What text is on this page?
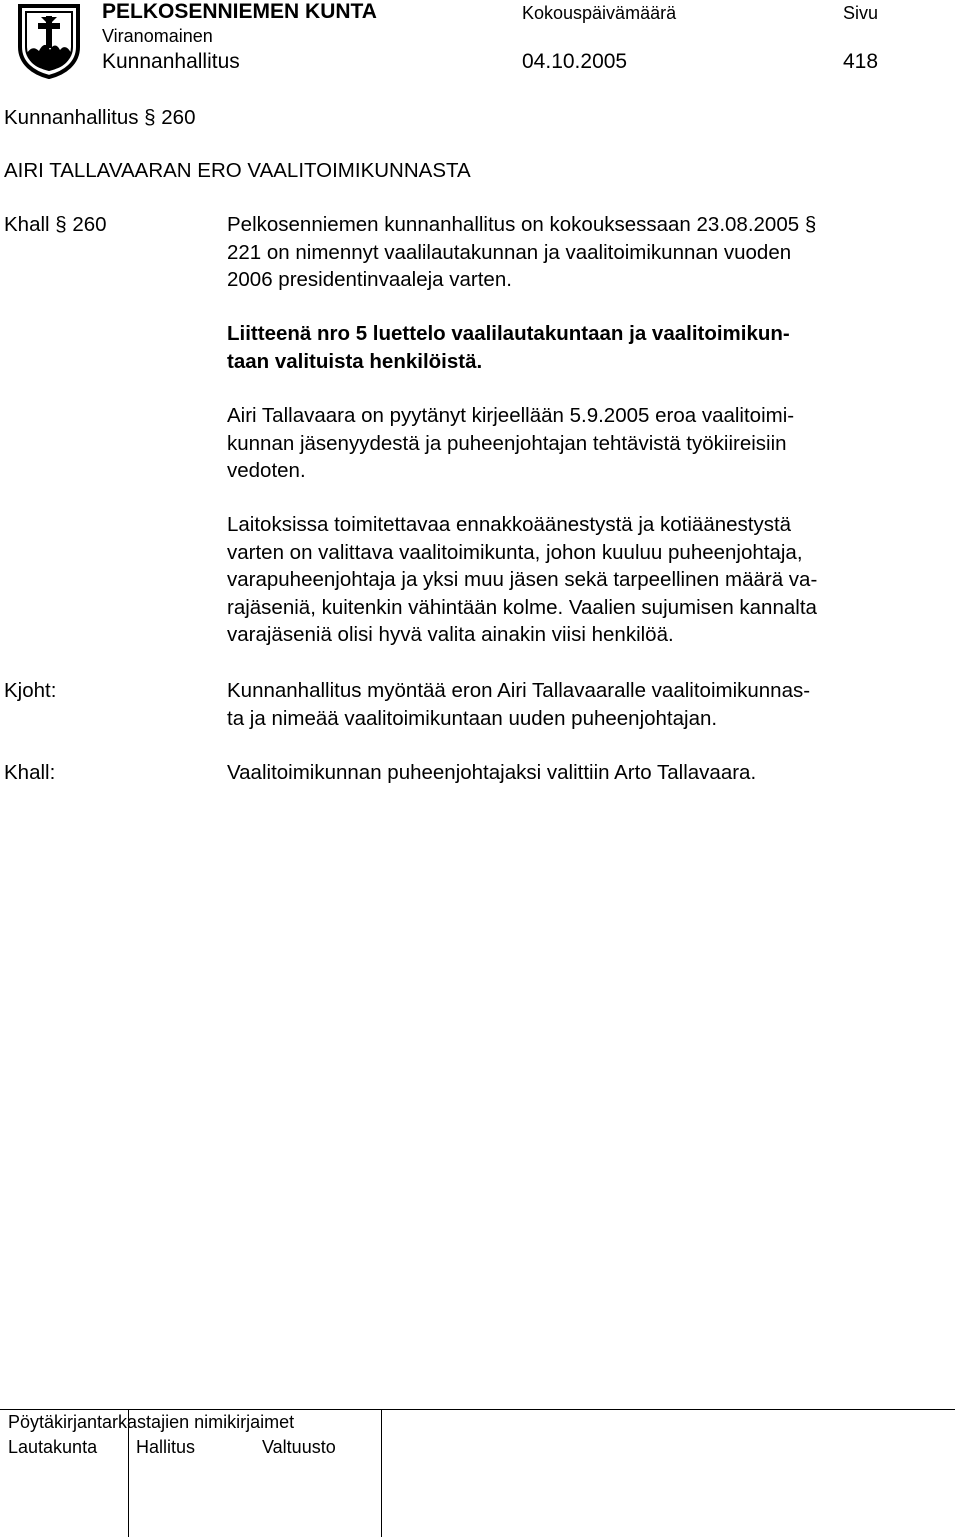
PELKOSENNIEMEN KUNTA
Viranomainen
Kunnanhallitus
Kokouspäivämäärä
04.10.2005
Sivu
418
Kunnanhallitus § 260
AIRI TALLAVAARAN ERO VAALITOIMIKUNNASTA
Khall § 260
Kjoht:
Khall:
Pelkosenniemen kunnanhallitus on kokouksessaan 23.08.2005 §
221 on nimennyt vaalilautakunnan ja vaalitoimikunnan vuoden
2006 presidentinvaaleja varten.
Liitteenä nro 5 luettelo vaalilautakuntaan ja vaalitoimikun-
taan valituista henkilöistä.
Airi Tallavaara on pyytänyt kirjeellään 5.9.2005 eroa vaalitoimi-
kunnan jäsenyydestä ja puheenjohtajan tehtävistä työkiireisiin
vedoten.
Laitoksissa toimitettavaa ennakkoäänestystä ja kotiäänestystä
varten on valittava vaalitoimikunta, johon kuuluu puheenjohtaja,
varapuheenjohtaja ja yksi muu jäsen sekä tarpeellinen määrä va-
rajäseniä, kuitenkin vähintään kolme. Vaalien sujumisen kannalta
varajäseniä olisi hyvä valita ainakin viisi henkilöä.
Kunnanhallitus myöntää eron Airi Tallavaaralle vaalitoimikunnas-
ta ja nimeää vaalitoimikuntaan uuden puheenjohtajan.
Vaalitoimikunnan puheenjohtajaksi valittiin Arto Tallavaara.
Pöytäkirjantarkastajien nimikirjaimet
Lautakunta Hallitus	Valtuusto
